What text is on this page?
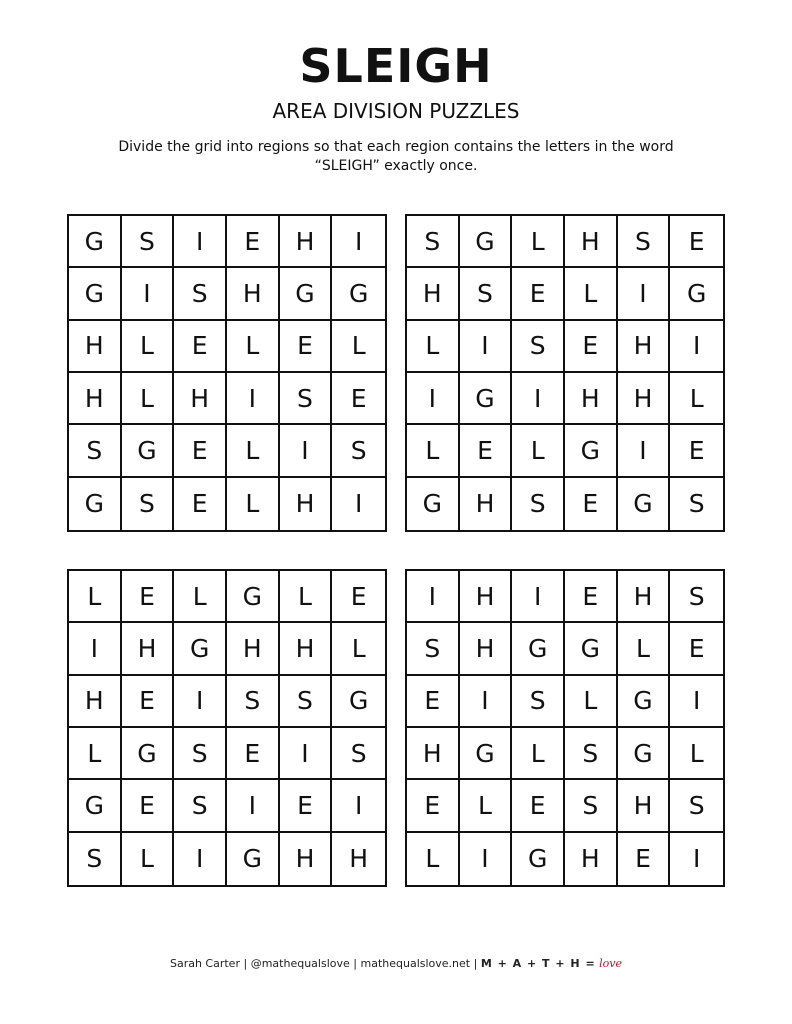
SLEIGH
AREA DIVISION PUZZLES
Divide the grid into regions so that each region contains the letters in the word “SLEIGH” exactly once.
G	S	I	E	H	I
G	I	S	H	G	G
H	L	E	L	E	L
H	L	H	I	S	E
S	G	E	L	I	S
G	S	E	L	H	I
S	G	L	H	S	E
H	S	E	L	I	G
L	I	S	E	H	I
I	G	I	H	H	L
L	E	L	G	I	E
G	H	S	E	G	S
L	E	L	G	L	E
I	H	G	H	H	L
H	E	I	S	S	G
L	G	S	E	I	S
G	E	S	I	E	I
S	L	I	G	H	H
I	H	I	E	H	S
S	H	G	G	L	E
E	I	S	L	G	I
H	G	L	S	G	L
E	L	E	S	H	S
L	I	G	H	E	I
Sarah Carter | @mathequalslove | mathequalslove.net | M + A + T + H = love
